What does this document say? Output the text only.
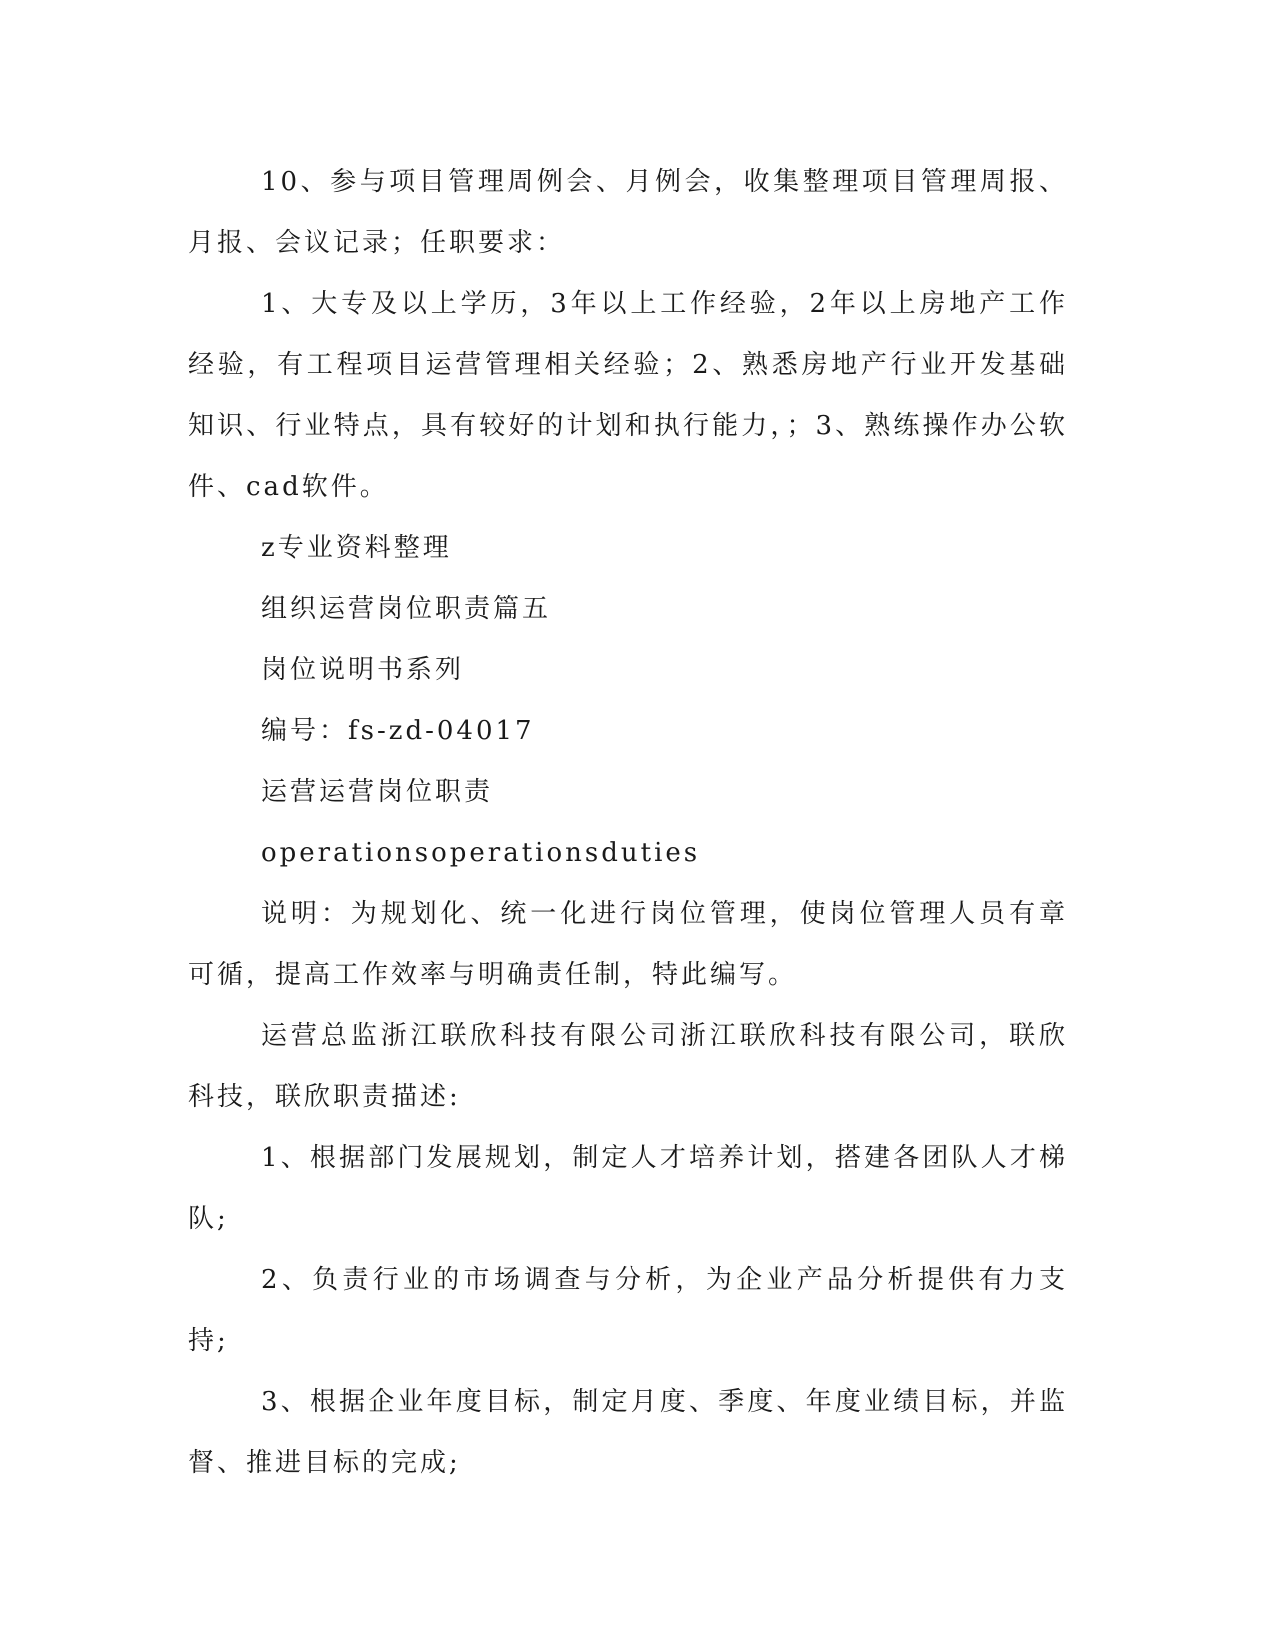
10、参与项目管理周例会、月例会，收集整理项目管理周报、月报、会议记录；任职要求：

1、大专及以上学历，3年以上工作经验，2年以上房地产工作经验，有工程项目运营管理相关经验；2、熟悉房地产行业开发基础知识、行业特点，具有较好的计划和执行能力，；3、熟练操作办公软件、cad软件。

z专业资料整理

组织运营岗位职责篇五

岗位说明书系列

编号：fs-zd-04017

运营运营岗位职责

operationsoperationsduties

说明：为规划化、统一化进行岗位管理，使岗位管理人员有章可循，提高工作效率与明确责任制，特此编写。

运营总监浙江联欣科技有限公司浙江联欣科技有限公司，联欣科技，联欣职责描述:

1、根据部门发展规划，制定人才培养计划，搭建各团队人才梯队;

2、负责行业的市场调查与分析，为企业产品分析提供有力支持;

3、根据企业年度目标，制定月度、季度、年度业绩目标，并监督、推进目标的完成;
